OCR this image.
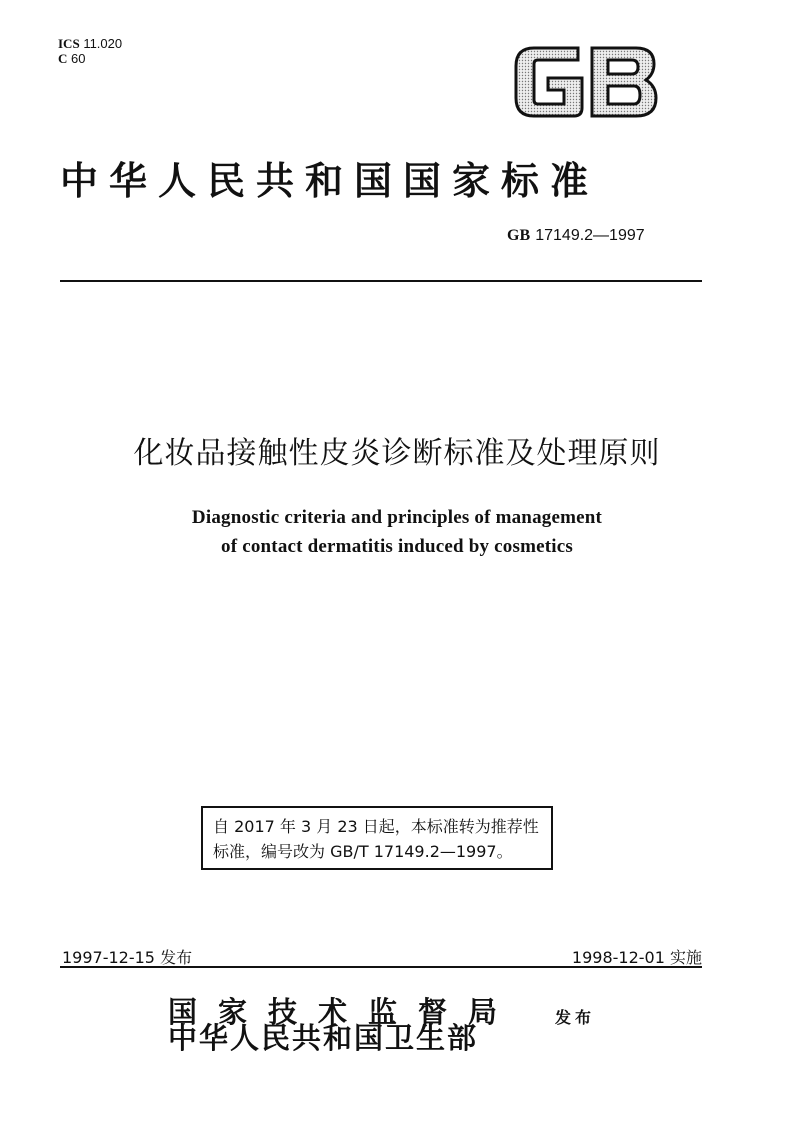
ICS 11.020
C 60
中华人民共和国国家标准
GB 17149.2—1997
化妆品接触性皮炎诊断标准及处理原则
Diagnostic criteria and principles of management
of contact dermatitis induced by cosmetics
自 2017 年 3 月 23 日起，本标准转为推荐性
标准，编号改为 GB/T 17149.2—1997。
1997-12-15 发布	1998-12-01 实施
国家技术监督局
中华人民共和国卫生部
发布
